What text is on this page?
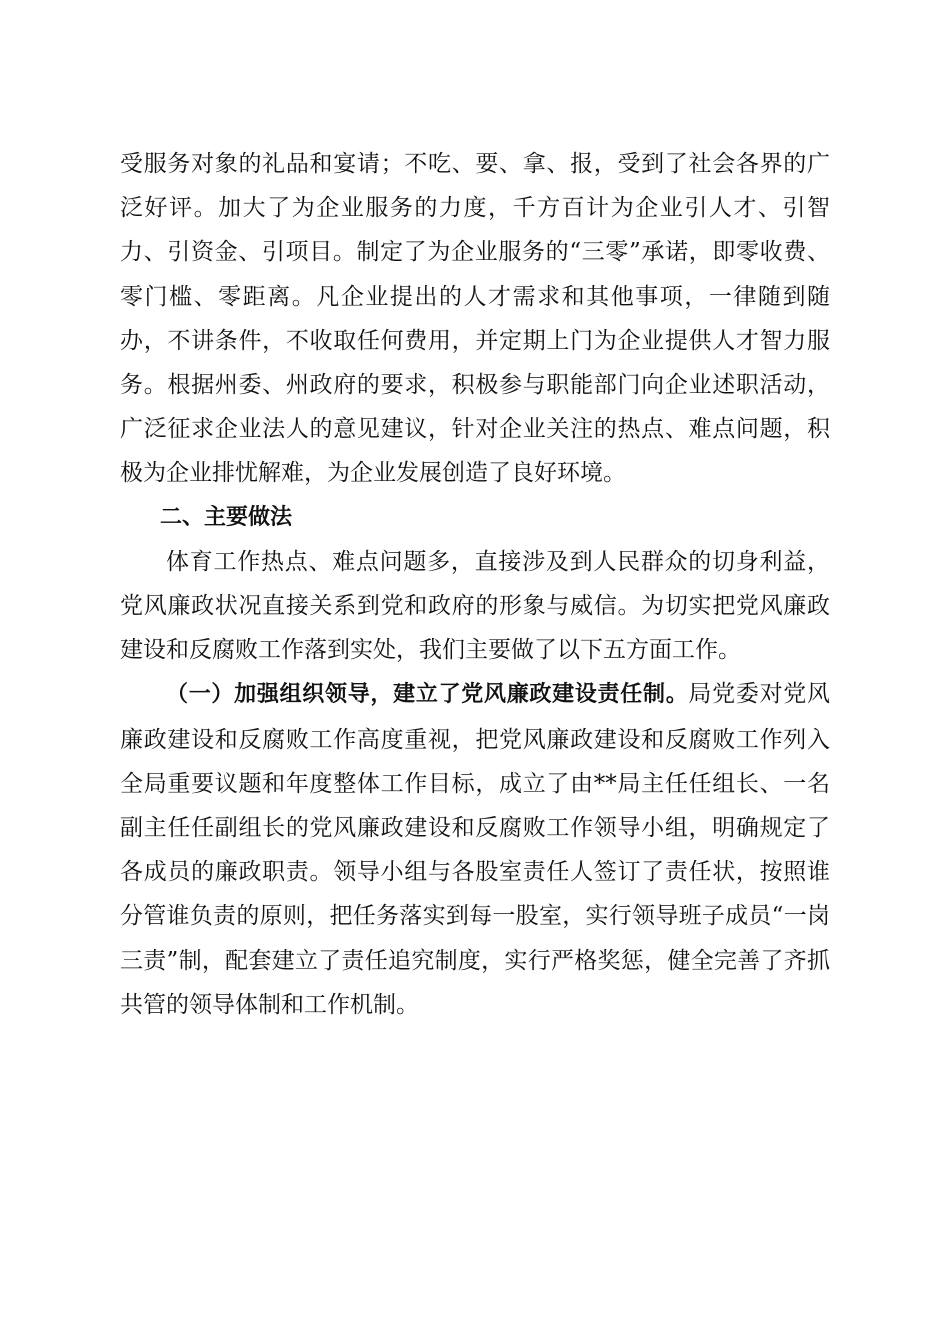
受服务对象的礼品和宴请；不吃、要、拿、报，受到了社会各界的广泛好评。加大了为企业服务的力度，千方百计为企业引人才、引智力、引资金、引项目。制定了为企业服务的“三零”承诺，即零收费、零门槛、零距离。凡企业提出的人才需求和其他事项，一律随到随办，不讲条件，不收取任何费用，并定期上门为企业提供人才智力服务。根据州委、州政府的要求，积极参与职能部门向企业述职活动，广泛征求企业法人的意见建议，针对企业关注的热点、难点问题，积极为企业排忧解难，为企业发展创造了良好环境。

二、主要做法

体育工作热点、难点问题多，直接涉及到人民群众的切身利益，党风廉政状况直接关系到党和政府的形象与威信。为切实把党风廉政建设和反腐败工作落到实处，我们主要做了以下五方面工作。

（一）加强组织领导，建立了党风廉政建设责任制。局党委对党风廉政建设和反腐败工作高度重视，把党风廉政建设和反腐败工作列入全局重要议题和年度整体工作目标，成立了由**局主任任组长、一名副主任任副组长的党风廉政建设和反腐败工作领导小组，明确规定了各成员的廉政职责。领导小组与各股室责任人签订了责任状，按照谁分管谁负责的原则，把任务落实到每一股室，实行领导班子成员“一岗三责”制，配套建立了责任追究制度，实行严格奖惩，健全完善了齐抓共管的领导体制和工作机制。
